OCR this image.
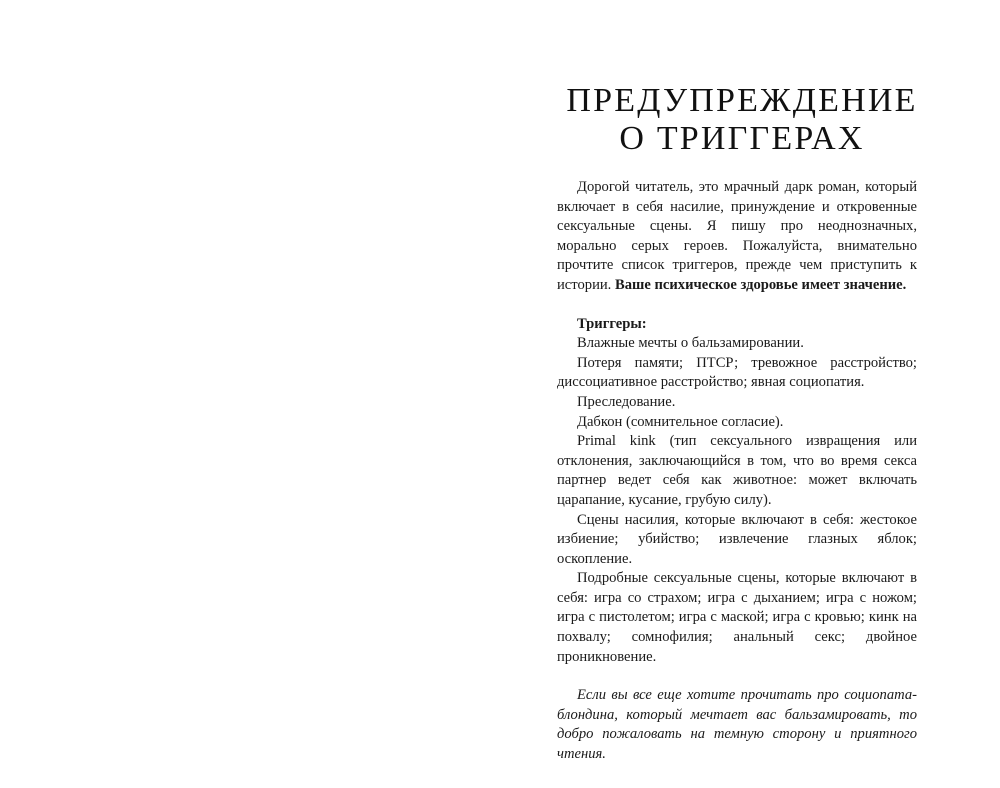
ПРЕДУПРЕЖДЕНИЕ
О ТРИГГЕРАХ

Дорогой читатель, это мрачный дарк роман, который включает в себя насилие, принуждение и откровенные сексуальные сцены. Я пишу про неоднозначных, морально серых героев. Пожалуйста, внимательно прочтите список триггеров, прежде чем приступить к истории. Ваше психическое здоровье имеет значение.

Триггеры:

Влажные мечты о бальзамировании.

Потеря памяти; ПТСР; тревожное расстройство; диссоциативное расстройство; явная социопатия.

Преследование.

Дабкон (сомнительное согласие).

Primal kink (тип сексуального извращения или отклонения, заключающийся в том, что во время секса партнер ведет себя как животное: может включать царапание, кусание, грубую силу).

Сцены насилия, которые включают в себя: жестокое избиение; убийство; извлечение глазных яблок; оскопление.

Подробные сексуальные сцены, которые включают в себя: игра со страхом; игра с дыханием; игра с ножом; игра с пистолетом; игра с маской; игра с кровью; кинк на похвалу; сомнофилия; анальный секс; двойное проникновение.

Если вы все еще хотите прочитать про социопата-блондина, который мечтает вас бальзамировать, то добро пожаловать на темную сторону и приятного чтения.
